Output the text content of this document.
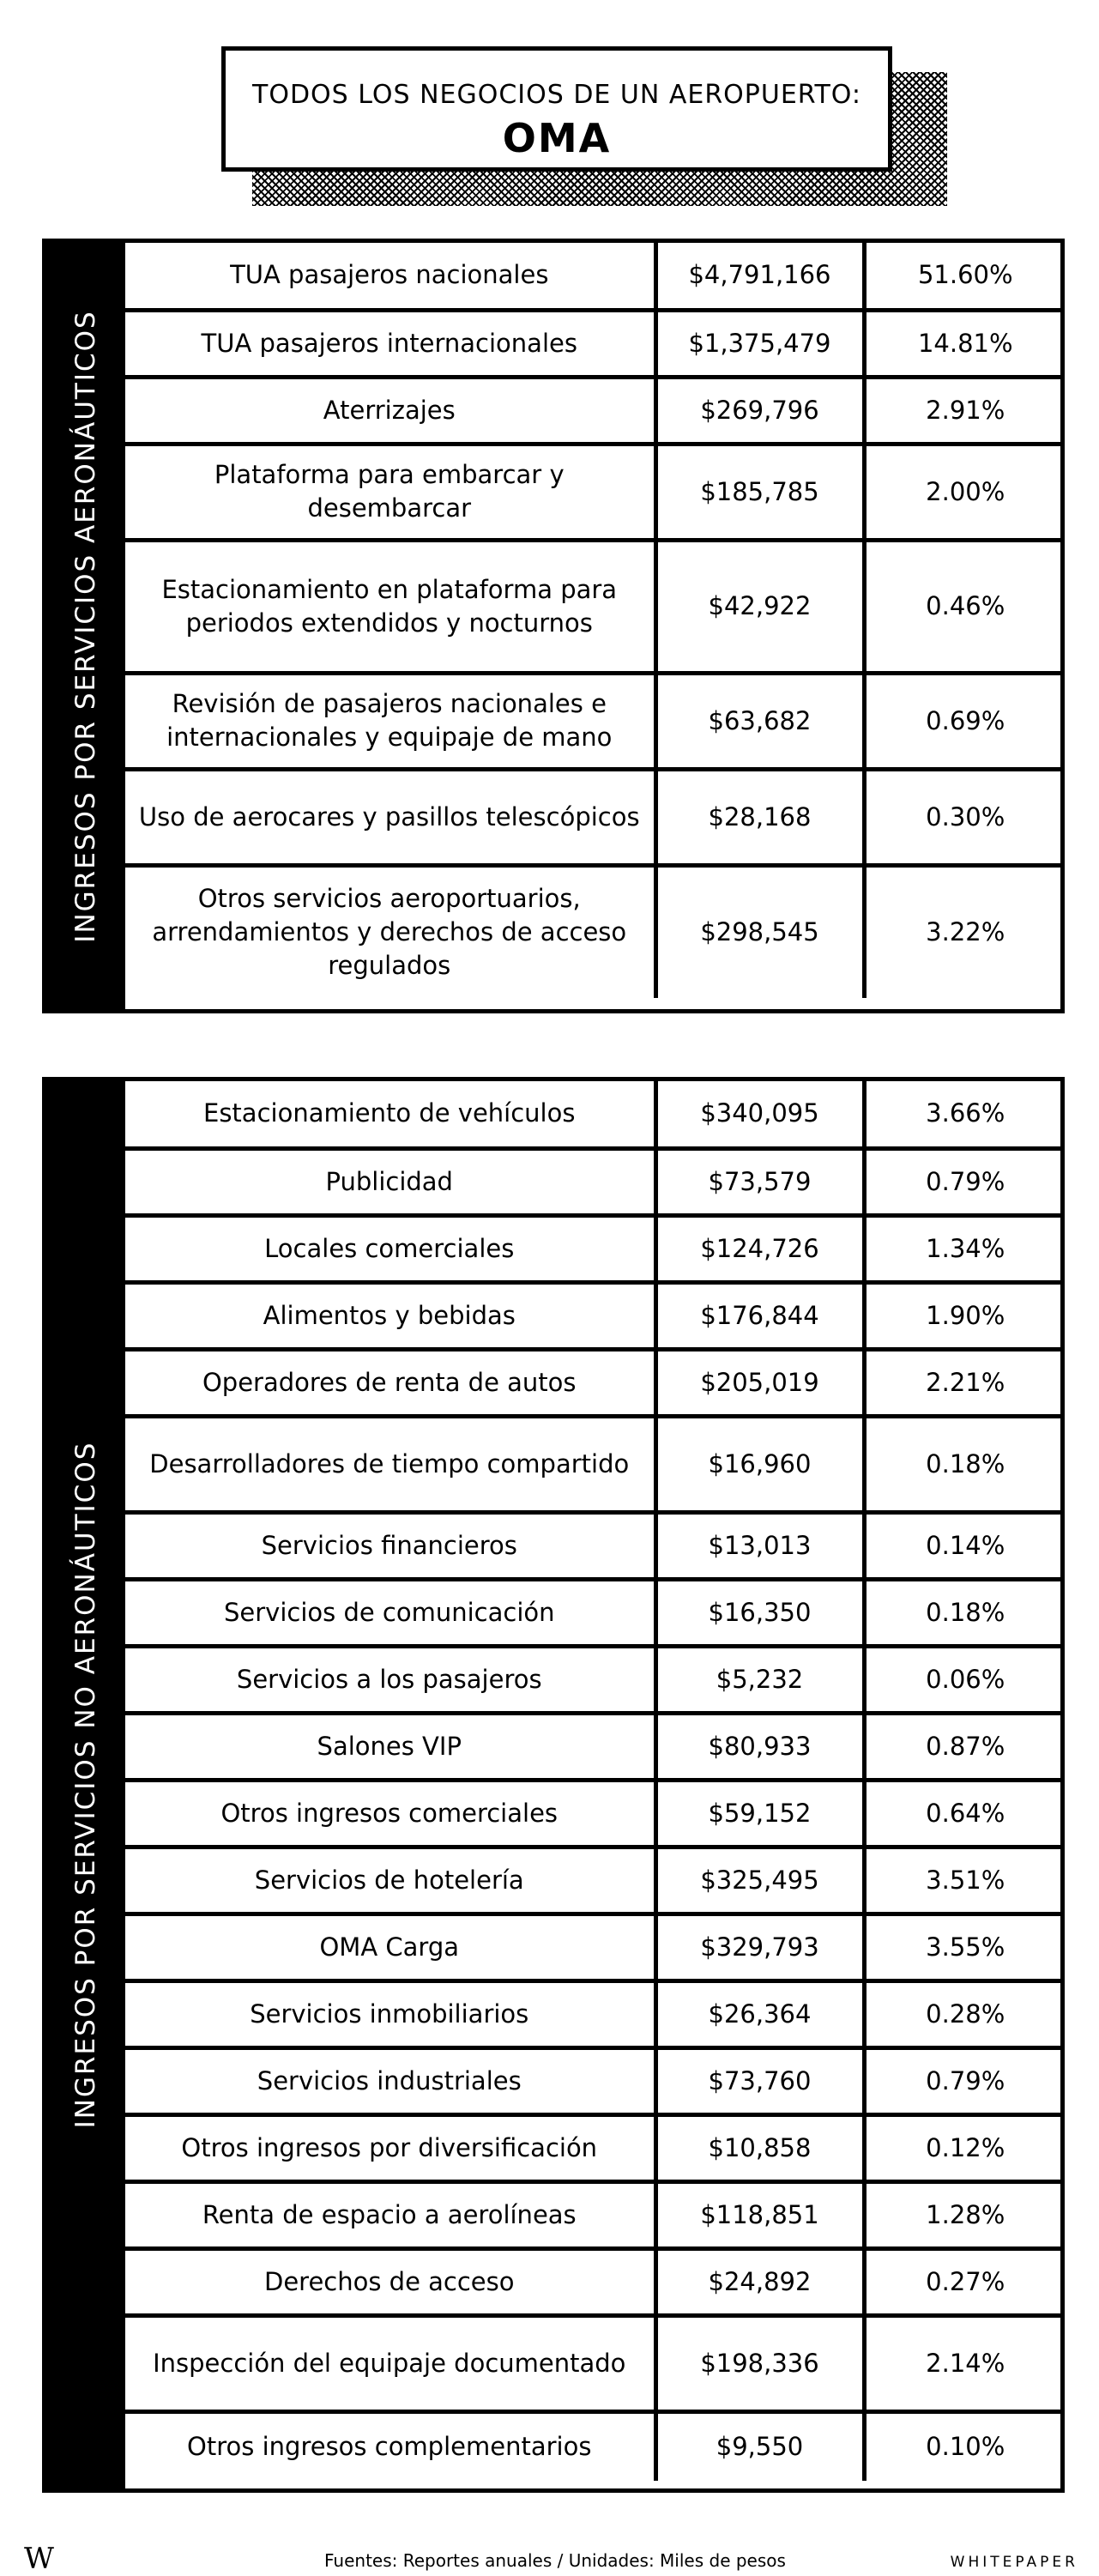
TODOS LOS NEGOCIOS DE UN AEROPUERTO:
OMA
INGRESOS POR SERVICIOS AERONÁUTICOS
TUA pasajeros nacionales	$4,791,166	51.60%
TUA pasajeros internacionales	$1,375,479	14.81%
Aterrizajes	$269,796	2.91%
Plataforma para embarcar y desembarcar	$185,785	2.00%
Estacionamiento en plataforma para periodos extendidos y nocturnos	$42,922	0.46%
Revisión de pasajeros nacionales e internacionales y equipaje de mano	$63,682	0.69%
Uso de aerocares y pasillos telescópicos	$28,168	0.30%
Otros servicios aeroportuarios, arrendamientos y derechos de acceso regulados	$298,545	3.22%
INGRESOS POR SERVICIOS NO AERONÁUTICOS
Estacionamiento de vehículos	$340,095	3.66%
Publicidad	$73,579	0.79%
Locales comerciales	$124,726	1.34%
Alimentos y bebidas	$176,844	1.90%
Operadores de renta de autos	$205,019	2.21%
Desarrolladores de tiempo compartido	$16,960	0.18%
Servicios financieros	$13,013	0.14%
Servicios de comunicación	$16,350	0.18%
Servicios a los pasajeros	$5,232	0.06%
Salones VIP	$80,933	0.87%
Otros ingresos comerciales	$59,152	0.64%
Servicios de hotelería	$325,495	3.51%
OMA Carga	$329,793	3.55%
Servicios inmobiliarios	$26,364	0.28%
Servicios industriales	$73,760	0.79%
Otros ingresos por diversificación	$10,858	0.12%
Renta de espacio a aerolíneas	$118,851	1.28%
Derechos de acceso	$24,892	0.27%
Inspección del equipaje documentado	$198,336	2.14%
Otros ingresos complementarios	$9,550	0.10%
W	Fuentes: Reportes anuales / Unidades: Miles de pesos	WHITEPAPER
